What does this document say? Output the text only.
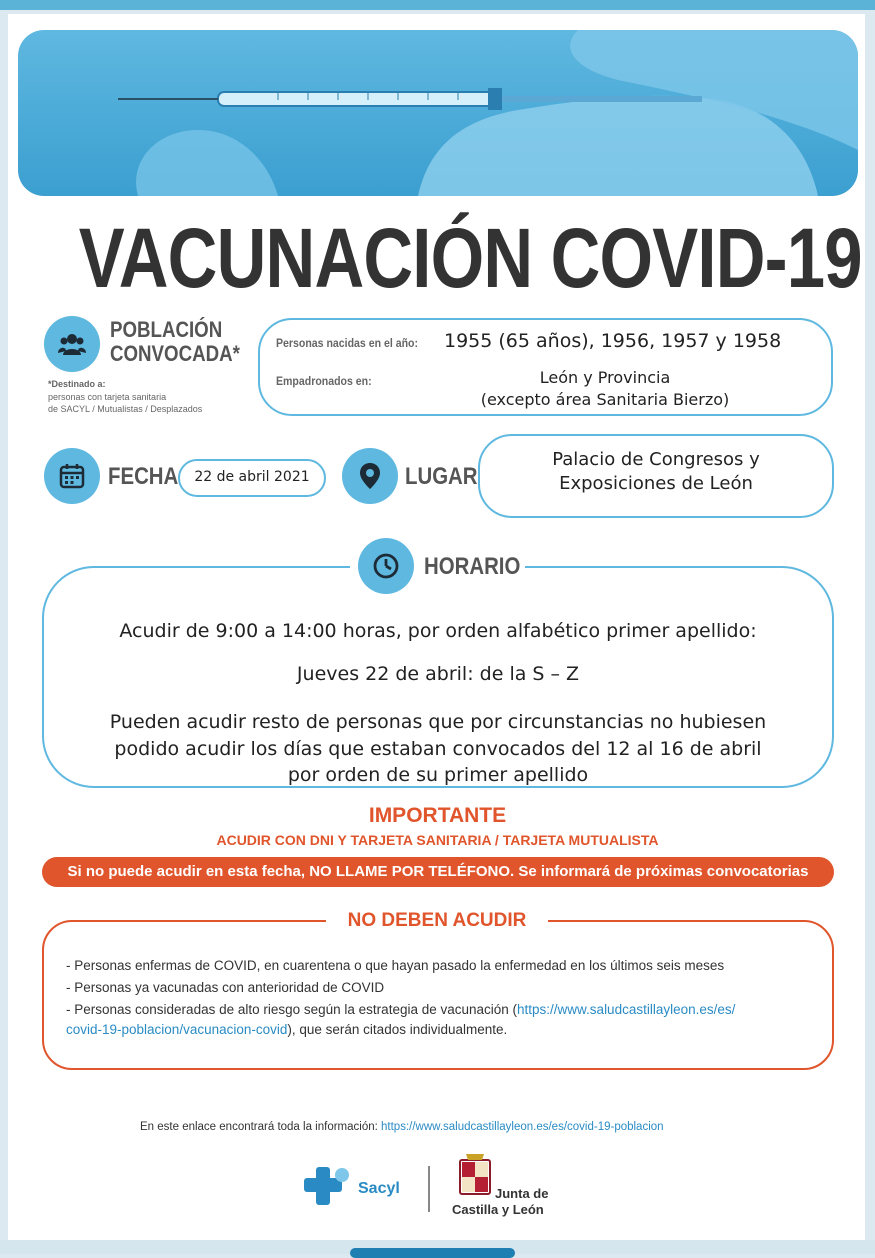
VACUNACIÓN COVID-19
POBLACIÓN
CONVOCADA*
*Destinado a:
personas con tarjeta sanitaria
de SACYL / Mutualistas / Desplazados
Personas nacidas en el año: 1955 (65 años), 1956, 1957 y 1958
Empadronados en:	León y Provincia
(excepto área Sanitaria Bierzo)
FECHA	22 de abril 2021	LUGAR
Palacio de Congresos y
Exposiciones de León
HORARIO
Acudir de 9:00 a 14:00 horas, por orden alfabético primer apellido:
Jueves 22 de abril: de la S – Z
Pueden acudir resto de personas que por circunstancias no hubiesen
podido acudir los días que estaban convocados del 12 al 16 de abril
por orden de su primer apellido
IMPORTANTE
ACUDIR CON DNI Y TARJETA SANITARIA / TARJETA MUTUALISTA
Si no puede acudir en esta fecha, NO LLAME POR TELÉFONO. Se informará de próximas convocatorias
- Personas enfermas de COVID, en cuarentena o que hayan pasado la enfermedad en los últimos seis meses
- Personas ya vacunadas con anterioridad de COVID
- Personas consideradas de alto riesgo según la estrategia de vacunación (https://www.saludcastillayleon.es/es/
covid-19-poblacion/vacunacion-covid), que serán citados individualmente.
NO DEBEN ACUDIR
En este enlace encontrará toda la información: https://www.saludcastillayleon.es/es/covid-19-poblacion
Sacyl	Junta de
Castilla y León
